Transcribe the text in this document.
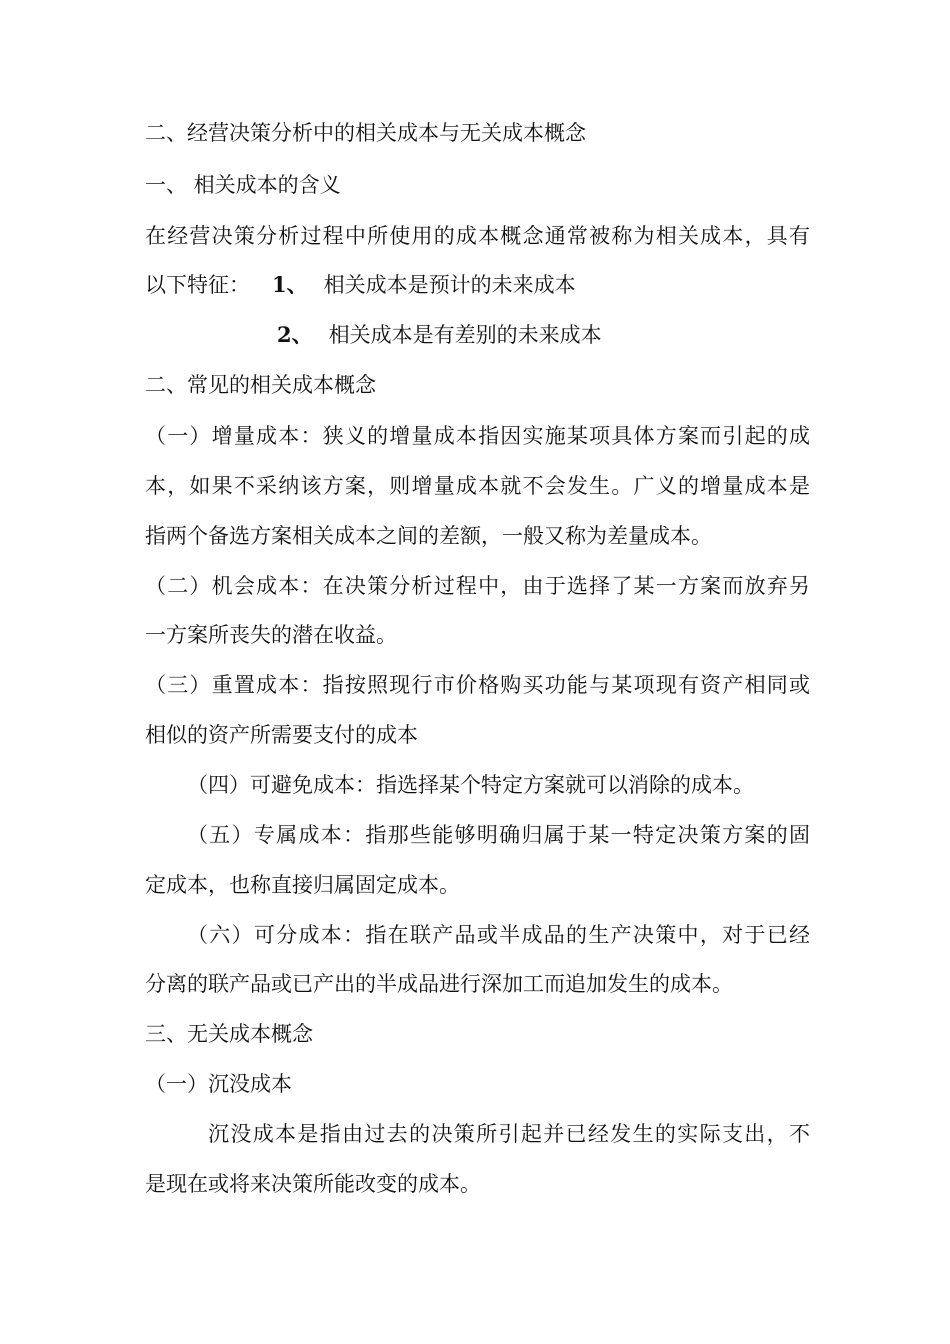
二、经营决策分析中的相关成本与无关成本概念
一、 相关成本的含义
在经营决策分析过程中所使用的成本概念通常被称为相关成本，具有
以下特征： 1、 相关成本是预计的未来成本
2、 相关成本是有差别的未来成本
二、常见的相关成本概念
（一）增量成本：狭义的增量成本指因实施某项具体方案而引起的成
本，如果不采纳该方案，则增量成本就不会发生。广义的增量成本是
指两个备选方案相关成本之间的差额，一般又称为差量成本。
（二）机会成本：在决策分析过程中，由于选择了某一方案而放弃另
一方案所丧失的潜在收益。
（三）重置成本：指按照现行市价格购买功能与某项现有资产相同或
相似的资产所需要支付的成本
（四）可避免成本：指选择某个特定方案就可以消除的成本。
（五）专属成本：指那些能够明确归属于某一特定决策方案的固
定成本，也称直接归属固定成本。
（六）可分成本：指在联产品或半成品的生产决策中，对于已经
分离的联产品或已产出的半成品进行深加工而追加发生的成本。
三、无关成本概念
（一）沉没成本
沉没成本是指由过去的决策所引起并已经发生的实际支出，不
是现在或将来决策所能改变的成本。
